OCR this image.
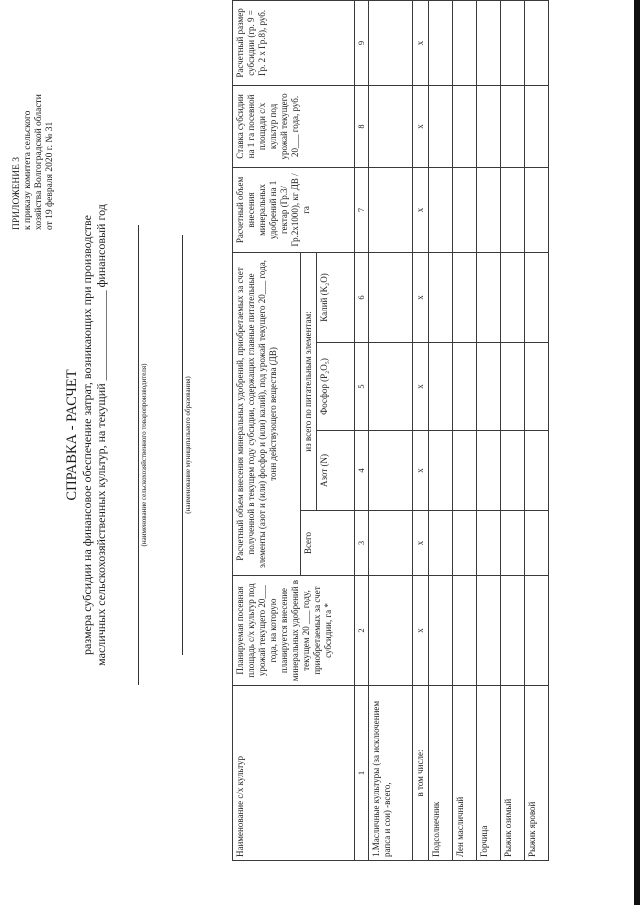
ПРИЛОЖЕНИЕ 3 к приказу комитета сельского хозяйства Волгоградской области от 19 февраля 2020 г. № 31
СПРАВКА - РАСЧЕТ размера субсидии на финансовое обеспечение затрат, возникающих при производстве масличных сельскохозяйственных культур, на текущий _______________ финансовый год	(наименование сельскохозяйственного товаропроизводителя)	(наименование муниципального образования)
Наименование с/х культур	Планируемая посевная площадь с/х культур под урожай текущего 20___ года, на которую планируется внесение минеральных удобрений в текущем 20 ___ году, приобретаемых за счет субсидии, га *	Расчетный объем внесения минеральных удобрений, приобретаемых за счет полученной в текущем году субсидии, содержащих главные питательные элементы (азот и (или) фосфор и (или) калий), под урожай текущего 20___ года, тонн действующего вещества (ДВ)				Расчетный объем внесения минеральных удобрений на 1 гектар (Гр.3/Гр.2х1000), кг ДВ /га	Ставка субсидии на 1 га посевной площади с/х культур под урожай текущего 20___ года, руб.	Расчетный размер субсидии (гр. 9 = Гр. 2 х Гр.8), руб.
		Всего	из всего по питательным элементам:					
			Азот (N)	Фосфор (P₂O₅)	Калий (K₂O)			
1	2	3	4	5	6	7	8	9
1.Масличные культуры (за исключением рапса и сои) -всего,								
в том числе:	х	х	х	х	х	х	х	х
Подсолнечник								
Лен масличный								
Горчица								
Рыжик озимый								
Рыжик яровой								
